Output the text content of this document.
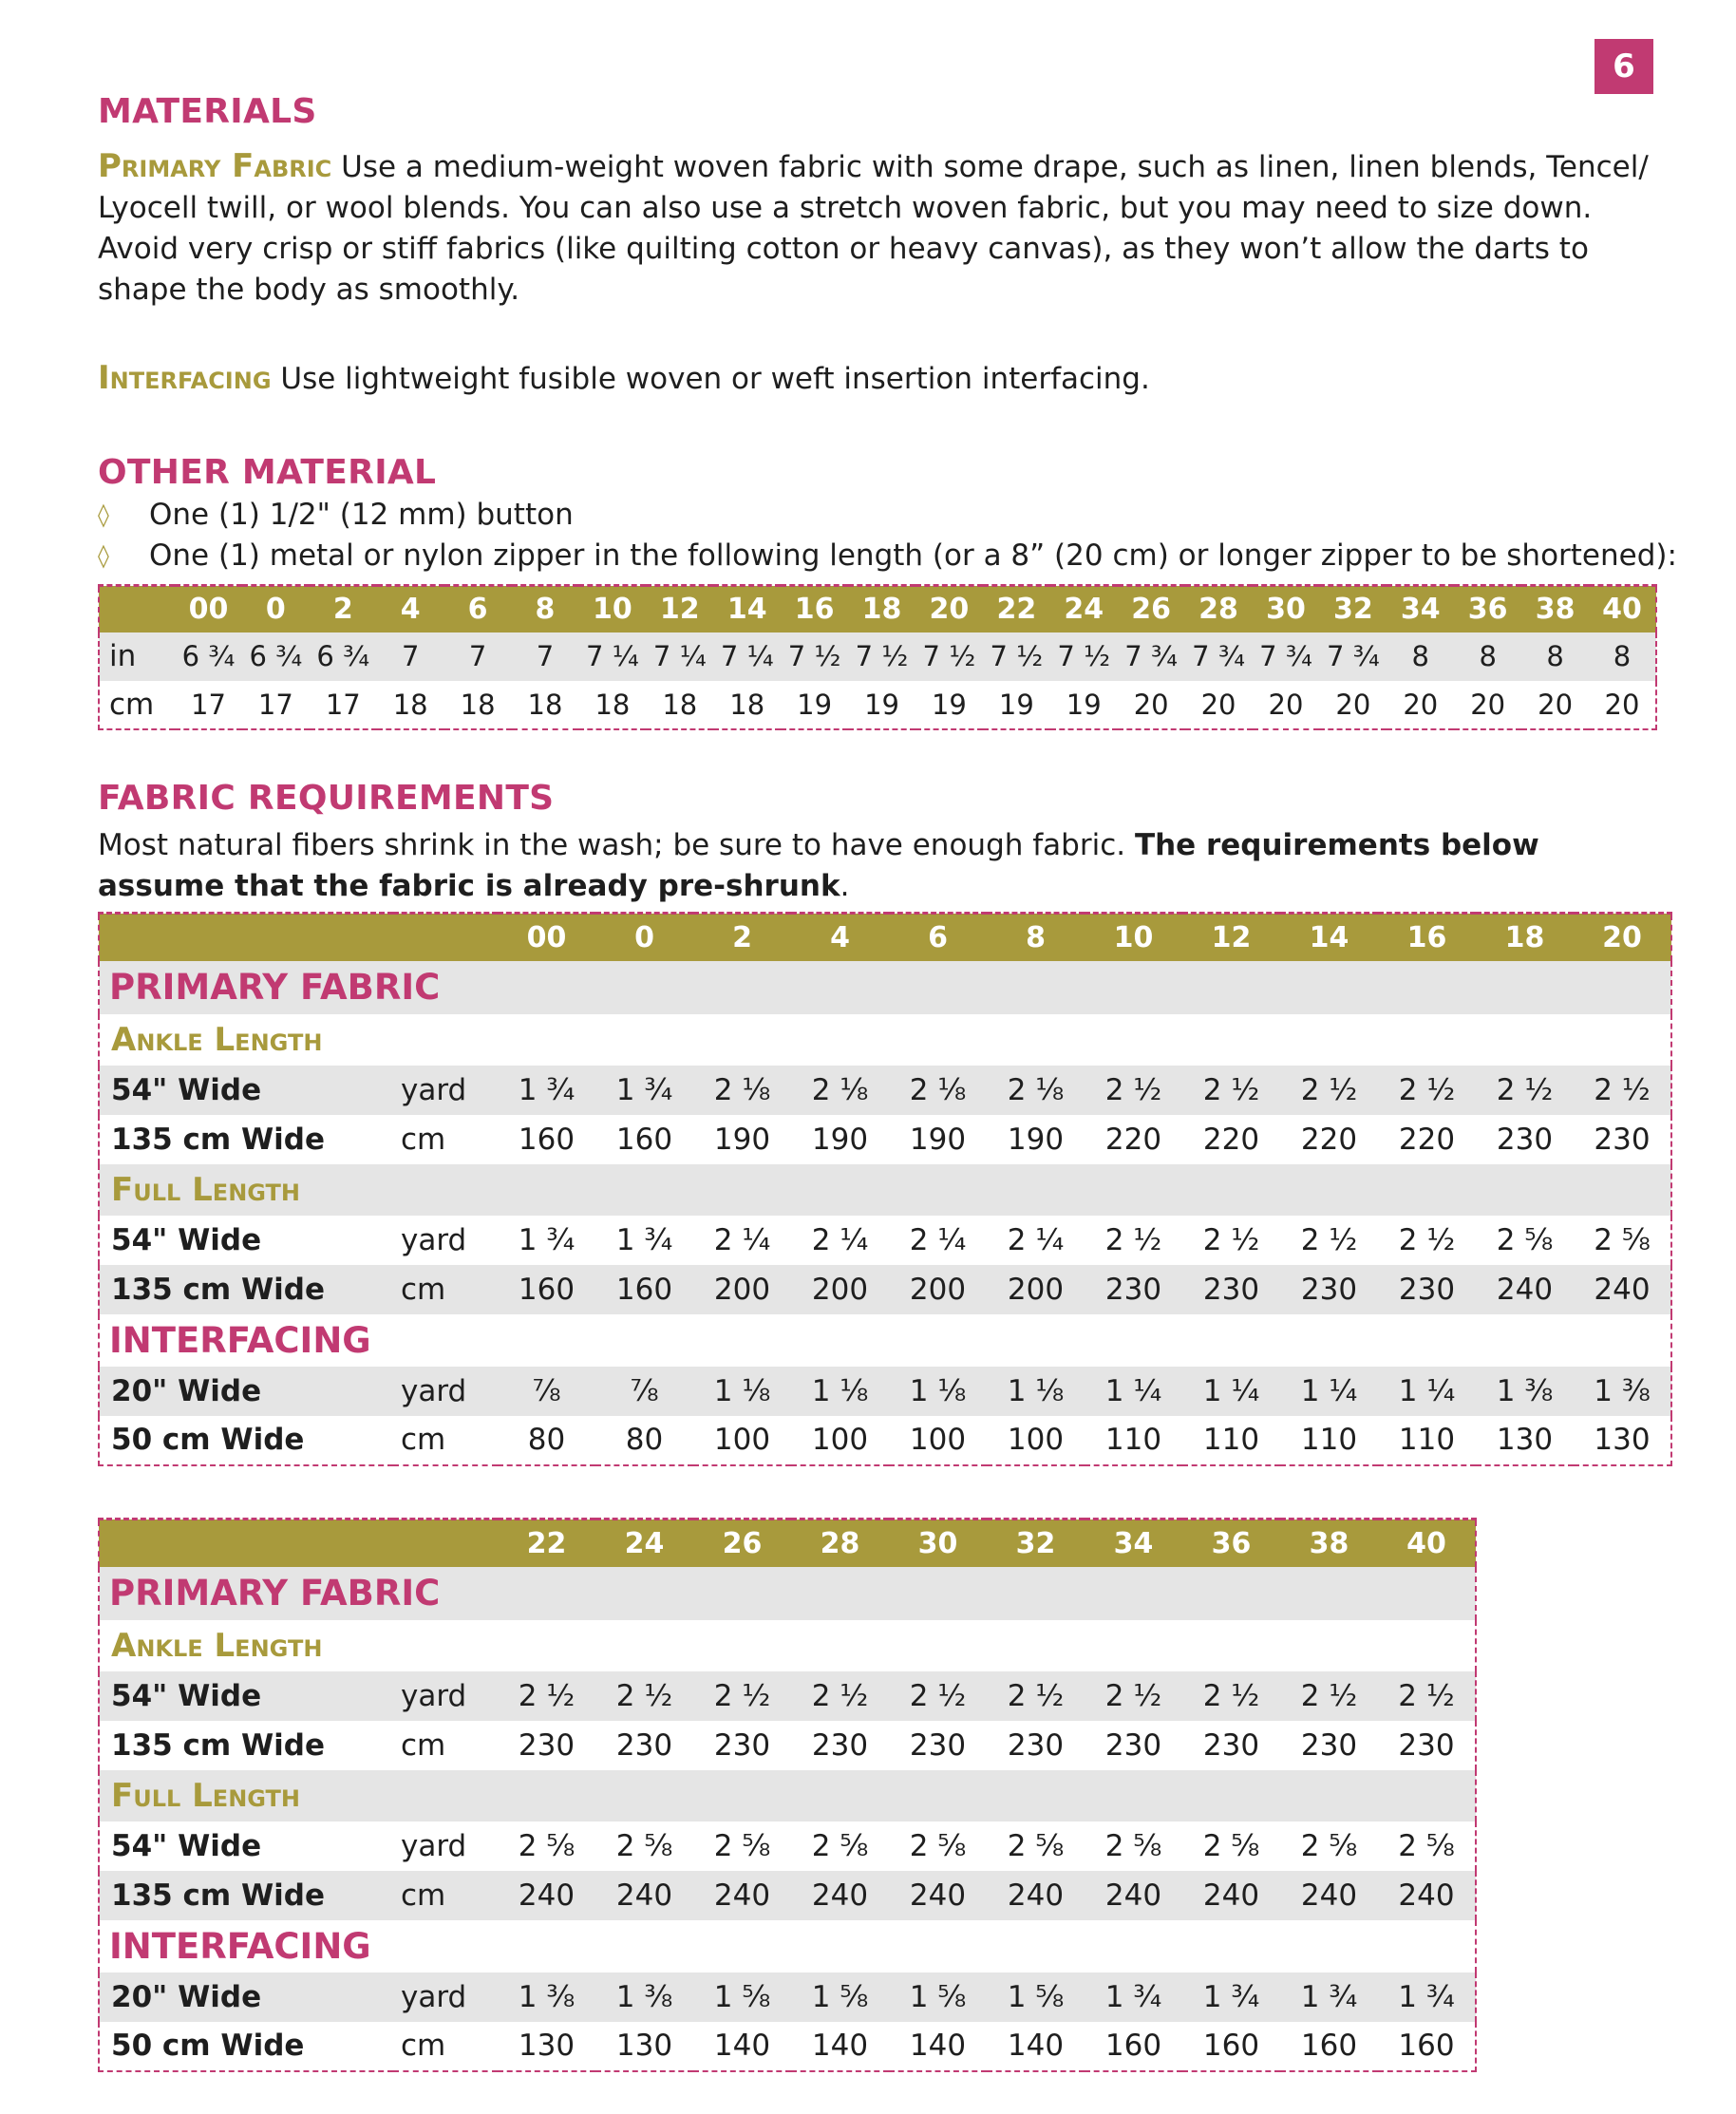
6
MATERIALS

Primary Fabric Use a medium-weight woven fabric with some drape, such as linen, linen blends, Tencel/ Lyocell twill, or wool blends. You can also use a stretch woven fabric, but you may need to size down. Avoid very crisp or stiff fabrics (like quilting cotton or heavy canvas), as they won’t allow the darts to shape the body as smoothly.

Interfacing Use lightweight fusible woven or weft insertion interfacing.

OTHER MATERIAL
◊	One (1) 1/2" (12 mm) button
◊	One (1) metal or nylon zipper in the following length (or a 8” (20 cm) or longer zipper to be shortened):
	00	0	2	4	6	8	10	12	14	16	18	20	22	24	26	28	30	32	34	36	38	40
in	6 ¾	6 ¾	6 ¾	7	7	7	7 ¼	7 ¼	7 ¼	7 ½	7 ½	7 ½	7 ½	7 ½	7 ¾	7 ¾	7 ¾	7 ¾	8	8	8	8
cm	17	17	17	18	18	18	18	18	18	19	19	19	19	19	20	20	20	20	20	20	20	20
FABRIC REQUIREMENTS

Most natural fibers shrink in the wash; be sure to have enough fabric. The requirements below assume that the fabric is already pre-shrunk.

		00	0	2	4	6	8	10	12	14	16	18	20
PRIMARY FABRIC													
Ankle Length													
54" Wide	yard	1 ¾	1 ¾	2 ⅛	2 ⅛	2 ⅛	2 ⅛	2 ½	2 ½	2 ½	2 ½	2 ½	2 ½
135 cm Wide	cm	160	160	190	190	190	190	220	220	220	220	230	230
Full Length													
54" Wide	yard	1 ¾	1 ¾	2 ¼	2 ¼	2 ¼	2 ¼	2 ½	2 ½	2 ½	2 ½	2 ⅝	2 ⅝
135 cm Wide	cm	160	160	200	200	200	200	230	230	230	230	240	240
INTERFACING													
20" Wide	yard	⅞	⅞	1 ⅛	1 ⅛	1 ⅛	1 ⅛	1 ¼	1 ¼	1 ¼	1 ¼	1 ⅜	1 ⅜
50 cm Wide	cm	80	80	100	100	100	100	110	110	110	110	130	130
		22	24	26	28	30	32	34	36	38	40
PRIMARY FABRIC											
Ankle Length											
54" Wide	yard	2 ½	2 ½	2 ½	2 ½	2 ½	2 ½	2 ½	2 ½	2 ½	2 ½
135 cm Wide	cm	230	230	230	230	230	230	230	230	230	230
Full Length											
54" Wide	yard	2 ⅝	2 ⅝	2 ⅝	2 ⅝	2 ⅝	2 ⅝	2 ⅝	2 ⅝	2 ⅝	2 ⅝
135 cm Wide	cm	240	240	240	240	240	240	240	240	240	240
INTERFACING											
20" Wide	yard	1 ⅜	1 ⅜	1 ⅝	1 ⅝	1 ⅝	1 ⅝	1 ¾	1 ¾	1 ¾	1 ¾
50 cm Wide	cm	130	130	140	140	140	140	160	160	160	160
